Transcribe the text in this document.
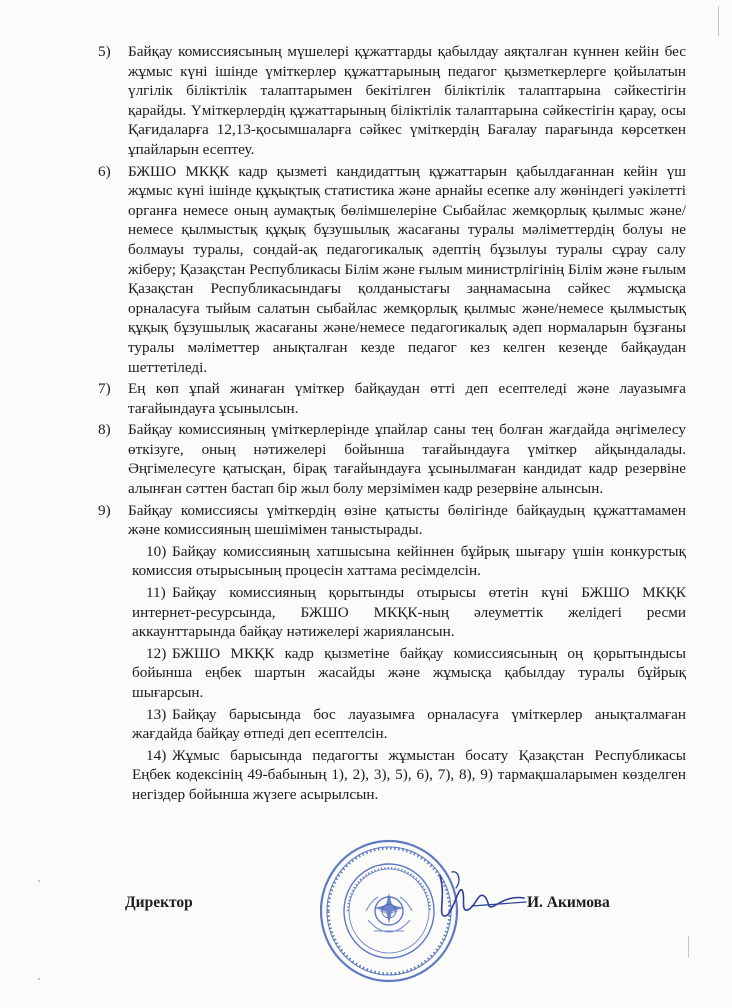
5) Байқау комиссиясының мүшелері құжаттарды қабылдау аяқталған күннен кейін бес жұмыс күні ішінде үміткерлер құжаттарының педагог қызметкерлерге қойылатын үлгілік біліктілік талаптарымен бекітілген біліктілік талаптарына сәйкестігін қарайды. Үміткерлердің құжаттарының біліктілік талаптарына сәйкестігін қарау, осы Қағидаларға 12,13-қосымшаларға сәйкес үміткердің Бағалау парағында көрсеткен ұпайларын есептеу.
6) БЖШО МКҚК кадр қызметі кандидаттың құжаттарын қабылдағаннан кейін үш жұмыс күні ішінде құқықтық статистика және арнайы есепке алу жөніндегі уәкілетті органға немесе оның аумақтық бөлімшелеріне Сыбайлас жемқорлық қылмыс және/немесе қылмыстық құқық бұзушылық жасағаны туралы мәліметтердің болуы не болмауы туралы, сондай-ақ педагогикалық әдептің бұзылуы туралы сұрау салу жіберу; Қазақстан Республикасы Білім және ғылым министрлігінің Білім және ғылым Қазақстан Республикасындағы қолданыстағы заңнамасына сәйкес жұмысқа орналасуға тыйым салатын сыбайлас жемқорлық қылмыс және/немесе қылмыстық құқық бұзушылық жасағаны және/немесе педагогикалық әдеп нормаларын бұзғаны туралы мәліметтер анықталған кезде педагог кез келген кезеңде байқаудан шеттетіледі.
7) Ең көп ұпай жинаған үміткер байқаудан өтті деп есептеледі және лауазымға тағайындауға ұсынылсын.
8) Байқау комиссияның үміткерлерінде ұпайлар саны тең болған жағдайда әңгімелесу өткізуге, оның нәтижелері бойынша тағайындауға үміткер айқындалады. Әңгімелесуге қатысқан, бірақ тағайындауға ұсынылмаған кандидат кадр резервіне алынған сәттен бастап бір жыл болу мерзімімен кадр резервіне алынсын.
9) Байқау комиссиясы үміткердің өзіне қатысты бөлігінде байқаудың құжаттамамен және комиссияның шешімімен таныстырады.
10) Байқау комиссияның хатшысына кейіннен бұйрық шығару үшін конкурстық комиссия отырысының процесін хаттама ресімделсін.
11) Байқау комиссияның қорытынды отырысы өтетін күні БЖШО МКҚК интернет-ресурсында, БЖШО МКҚК-ның әлеуметтік желідегі ресми аккаунттарында байқау нәтижелері жариялансын.
12) БЖШО МКҚК кадр қызметіне байқау комиссиясының оң қорытындысы бойынша еңбек шартын жасайды және жұмысқа қабылдау туралы бұйрық шығарсын.
13) Байқау барысында бос лауазымға орналасуға үміткерлер анықталмаған жағдайда байқау өтпеді деп есептелсін.
14) Жұмыс барысында педагогты жұмыстан босату Қазақстан Республикасы Еңбек кодексінің 49-бабының 1), 2), 3), 5), 6), 7), 8), 9) тармақшаларымен көзделген негіздер бойынша жүзеге асырылсын.
Директор	И. Акимова
